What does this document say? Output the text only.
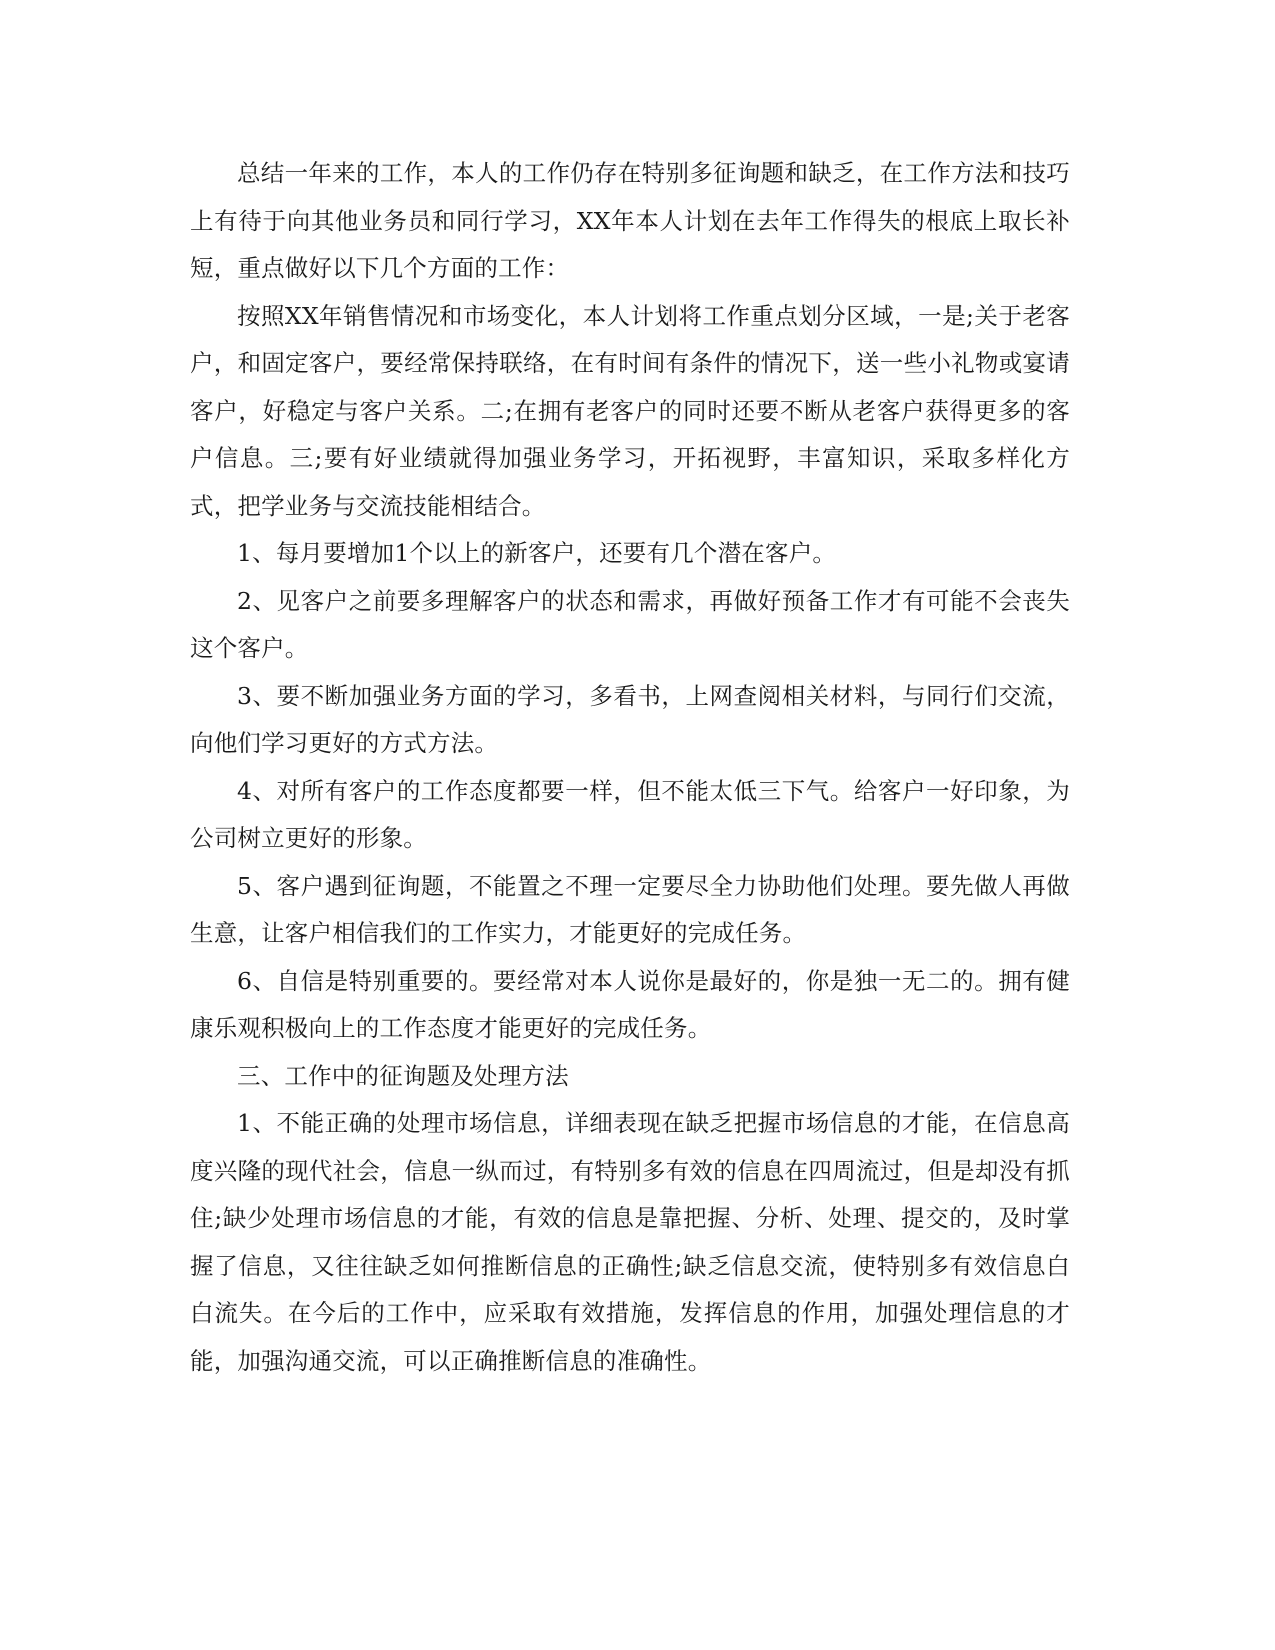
总结一年来的工作，本人的工作仍存在特别多征询题和缺乏，在工作方法和技巧上有待于向其他业务员和同行学习，XX年本人计划在去年工作得失的根底上取长补短，重点做好以下几个方面的工作：

按照XX年销售情况和市场变化，本人计划将工作重点划分区域，一是;关于老客户，和固定客户，要经常保持联络，在有时间有条件的情况下，送一些小礼物或宴请客户，好稳定与客户关系。二;在拥有老客户的同时还要不断从老客户获得更多的客户信息。三;要有好业绩就得加强业务学习，开拓视野，丰富知识，采取多样化方式，把学业务与交流技能相结合。

1、每月要增加1个以上的新客户，还要有几个潜在客户。

2、见客户之前要多理解客户的状态和需求，再做好预备工作才有可能不会丧失这个客户。

3、要不断加强业务方面的学习，多看书，上网查阅相关材料，与同行们交流，向他们学习更好的方式方法。

4、对所有客户的工作态度都要一样，但不能太低三下气。给客户一好印象，为公司树立更好的形象。

5、客户遇到征询题，不能置之不理一定要尽全力协助他们处理。要先做人再做生意，让客户相信我们的工作实力，才能更好的完成任务。

6、自信是特别重要的。要经常对本人说你是最好的，你是独一无二的。拥有健康乐观积极向上的工作态度才能更好的完成任务。

三、工作中的征询题及处理方法

1、不能正确的处理市场信息，详细表现在缺乏把握市场信息的才能，在信息高度兴隆的现代社会，信息一纵而过，有特别多有效的信息在四周流过，但是却没有抓住;缺少处理市场信息的才能，有效的信息是靠把握、分析、处理、提交的，及时掌握了信息，又往往缺乏如何推断信息的正确性;缺乏信息交流，使特别多有效信息白白流失。在今后的工作中，应采取有效措施，发挥信息的作用，加强处理信息的才能，加强沟通交流，可以正确推断信息的准确性。
